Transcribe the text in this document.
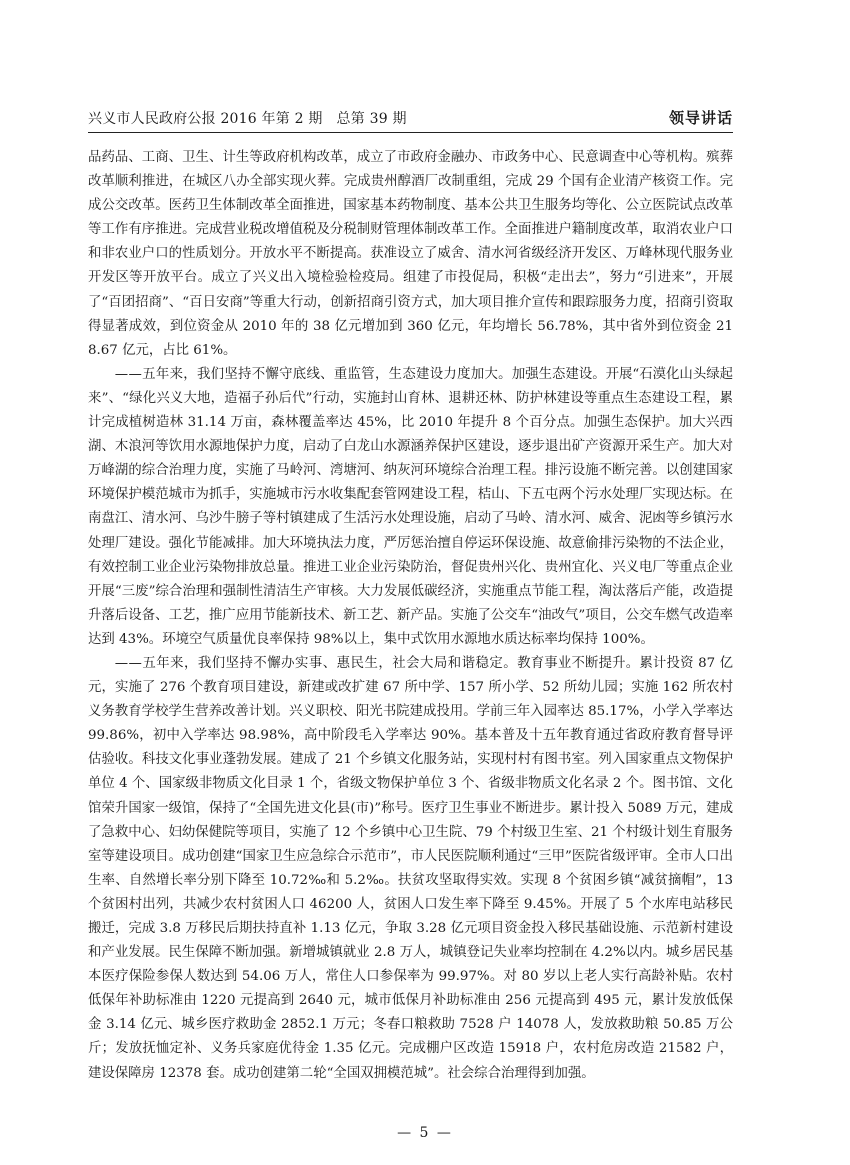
兴义市人民政府公报 2016 年第 2 期 总第 39 期	领导讲话

品药品、工商、卫生、计生等政府机构改革，成立了市政府金融办、市政务中心、民意调查中心等机构。殡葬改革顺利推进，在城区八办全部实现火葬。完成贵州醇酒厂改制重组，完成 29 个国有企业清产核资工作。完成公交改革。医药卫生体制改革全面推进，国家基本药物制度、基本公共卫生服务均等化、公立医院试点改革等工作有序推进。完成营业税改增值税及分税制财管理体制改革工作。全面推进户籍制度改革，取消农业户口和非农业户口的性质划分。开放水平不断提高。获准设立了威舍、清水河省级经济开发区、万峰林现代服务业开发区等开放平台。成立了兴义出入境检验检疫局。组建了市投促局，积极“走出去”，努力“引进来”，开展了“百团招商”、“百日安商”等重大行动，创新招商引资方式，加大项目推介宣传和跟踪服务力度，招商引资取得显著成效，到位资金从 2010 年的 38 亿元增加到 360 亿元，年均增长 56.78%，其中省外到位资金 218.67 亿元，占比 61%。

——五年来，我们坚持不懈守底线、重监管，生态建设力度加大。加强生态建设。开展“石漠化山头绿起来”、“绿化兴义大地，造福子孙后代”行动，实施封山育林、退耕还林、防护林建设等重点生态建设工程，累计完成植树造林 31.14 万亩，森林覆盖率达 45%，比 2010 年提升 8 个百分点。加强生态保护。加大兴西湖、木浪河等饮用水源地保护力度，启动了白龙山水源涵养保护区建设，逐步退出矿产资源开采生产。加大对万峰湖的综合治理力度，实施了马岭河、湾塘河、纳灰河环境综合治理工程。排污设施不断完善。以创建国家环境保护模范城市为抓手，实施城市污水收集配套管网建设工程，桔山、下五屯两个污水处理厂实现达标。在南盘江、清水河、乌沙牛膀子等村镇建成了生活污水处理设施，启动了马岭、清水河、威舍、泥凼等乡镇污水处理厂建设。强化节能减排。加大环境执法力度，严厉惩治擅自停运环保设施、故意偷排污染物的不法企业，有效控制工业企业污染物排放总量。推进工业企业污染防治，督促贵州兴化、贵州宜化、兴义电厂等重点企业开展“三废”综合治理和强制性清洁生产审核。大力发展低碳经济，实施重点节能工程，淘汰落后产能，改造提升落后设备、工艺，推广应用节能新技术、新工艺、新产品。实施了公交车“油改气”项目，公交车燃气改造率达到 43%。环境空气质量优良率保持 98%以上，集中式饮用水源地水质达标率均保持 100%。

——五年来，我们坚持不懈办实事、惠民生，社会大局和谐稳定。教育事业不断提升。累计投资 87 亿元，实施了 276 个教育项目建设，新建或改扩建 67 所中学、157 所小学、52 所幼儿园；实施 162 所农村义务教育学校学生营养改善计划。兴义职校、阳光书院建成投用。学前三年入园率达 85.17%，小学入学率达 99.86%，初中入学率达 98.98%，高中阶段毛入学率达 90%。基本普及十五年教育通过省政府教育督导评估验收。科技文化事业蓬勃发展。建成了 21 个乡镇文化服务站，实现村村有图书室。列入国家重点文物保护单位 4 个、国家级非物质文化目录 1 个，省级文物保护单位 3 个、省级非物质文化名录 2 个。图书馆、文化馆荣升国家一级馆，保持了“全国先进文化县(市)”称号。医疗卫生事业不断进步。累计投入 5089 万元，建成了急救中心、妇幼保健院等项目，实施了 12 个乡镇中心卫生院、79 个村级卫生室、21 个村级计划生育服务室等建设项目。成功创建“国家卫生应急综合示范市”，市人民医院顺利通过“三甲”医院省级评审。全市人口出生率、自然增长率分别下降至 10.72‰和 5.2‰。扶贫攻坚取得实效。实现 8 个贫困乡镇“减贫摘帽”，13 个贫困村出列，共减少农村贫困人口 46200 人，贫困人口发生率下降至 9.45%。开展了 5 个水库电站移民搬迁，完成 3.8 万移民后期扶持直补 1.13 亿元，争取 3.28 亿元项目资金投入移民基础设施、示范新村建设和产业发展。民生保障不断加强。新增城镇就业 2.8 万人，城镇登记失业率均控制在 4.2%以内。城乡居民基本医疗保险参保人数达到 54.06 万人，常住人口参保率为 99.97%。对 80 岁以上老人实行高龄补贴。农村低保年补助标准由 1220 元提高到 2640 元，城市低保月补助标准由 256 元提高到 495 元，累计发放低保金 3.14 亿元、城乡医疗救助金 2852.1 万元；冬春口粮救助 7528 户 14078 人，发放救助粮 50.85 万公斤；发放抚恤定补、义务兵家庭优待金 1.35 亿元。完成棚户区改造 15918 户，农村危房改造 21582 户，建设保障房 12378 套。成功创建第二轮“全国双拥模范城”。社会综合治理得到加强。

— 5 —
